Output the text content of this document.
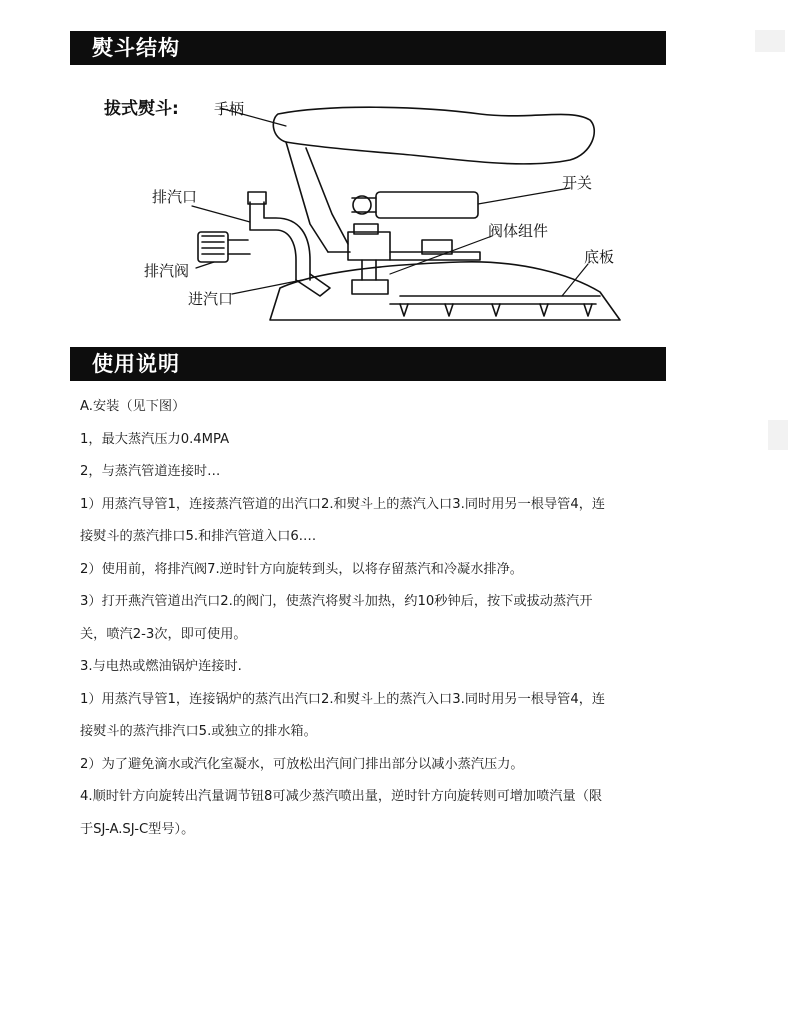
熨斗结构
拔式熨斗: 手柄
开关
排汽口
阀体组件
底板
排汽阀
进汽口
使用说明

A.安装（见下图）

1，最大蒸汽压力0.4MPA

2，与蒸汽管道连接时…

1）用蒸汽导管1，连接蒸汽管道的出汽口2.和熨斗上的蒸汽入口3.同时用另一根导管4，连

接熨斗的蒸汽排口5.和排汽管道入口6.…

2）使用前，将排汽阀7.逆时针方向旋转到头，以将存留蒸汽和冷凝水排净。

3）打开燕汽管道出汽口2.的阀门，使蒸汽将熨斗加热，约10秒钟后，按下或拔动蒸汽开

关，喷汽2-3次，即可使用。

3.与电热或燃油锅炉连接时.

1）用蒸汽导管1，连接锅炉的蒸汽出汽口2.和熨斗上的蒸汽入口3.同时用另一根导管4，连

接熨斗的蒸汽排汽口5.或独立的排水箱。

2）为了避免滴水或汽化室凝水，可放松出汽间门排出部分以减小蒸汽压力。

4.顺时针方向旋转出汽量调节钮8可减少蒸汽喷出量，逆时针方向旋转则可增加喷汽量（限

于SJ-A.SJ-C型号）。
